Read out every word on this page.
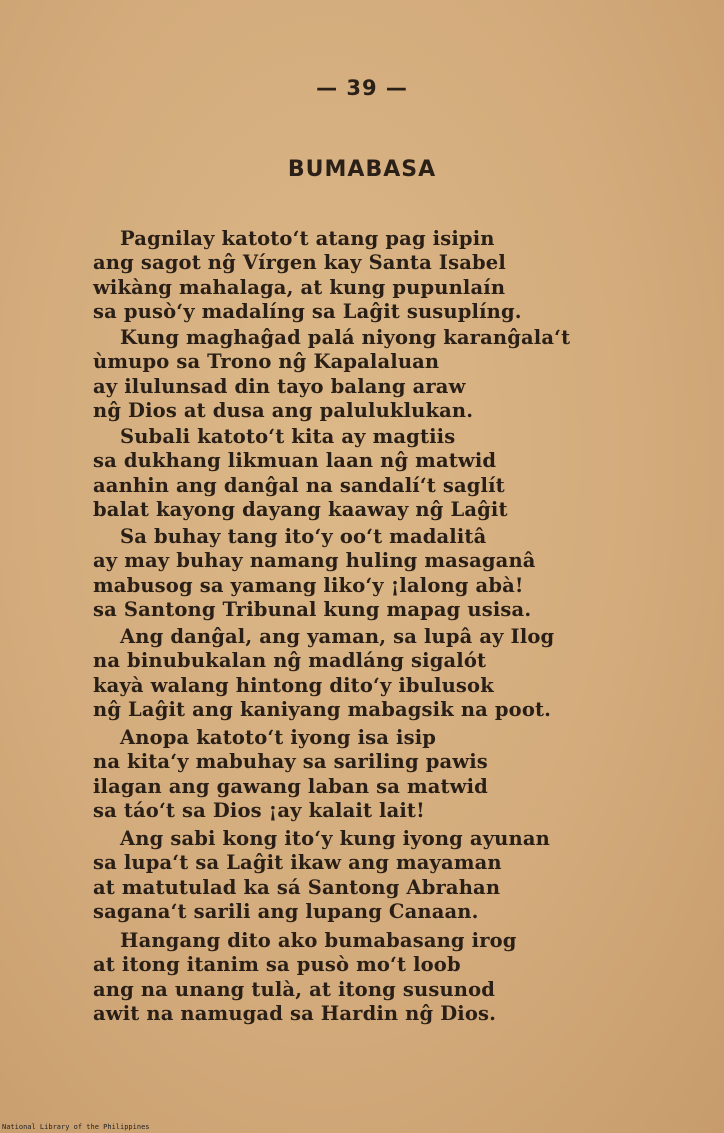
— 39 —
BUMABASA
Pagnilay katoto‘t atang pag isipin
ang sagot nĝ Vírgen kay Santa Isabel
wikàng mahalaga, at kung pupunlaín
sa pusò‘y madalíng sa Laĝit susuplíng.
Kung maghaĝad palá niyong karanĝala‘t
ùmupo sa Trono nĝ Kapalaluan
ay ilulunsad din tayo balang araw
nĝ Dios at dusa ang paluluklukan.
Subali katoto‘t kita ay magtiis
sa dukhang likmuan laan nĝ matwid
aanhin ang danĝal na sandalí‘t saglít
balat kayong dayang kaaway nĝ Laĝit
Sa buhay tang ito‘y oo‘t madalitâ
ay may buhay namang huling masaganâ
mabusog sa yamang liko‘y ¡lalong abà!
sa Santong Tribunal kung mapag usisa.
Ang danĝal, ang yaman, sa lupâ ay Ilog
na binubukalan nĝ madláng sigalót
kayà walang hintong dito‘y ibulusok
nĝ Laĝit ang kaniyang mabagsik na poot.
Anopa katoto‘t iyong isa isip
na kita‘y mabuhay sa sariling pawis
ilagan ang gawang laban sa matwid
sa táo‘t sa Dios ¡ay kalait lait!
Ang sabi kong ito‘y kung iyong ayunan
sa lupa‘t sa Laĝit ikaw ang mayaman
at matutulad ka sá Santong Abrahan
sagana‘t sarili ang lupang Canaan.
Hangang dito ako bumabasang irog
at itong itanim sa pusò mo‘t loob
ang na unang tulà, at itong susunod
awit na namugad sa Hardin nĝ Dios.
National Library of the Philippines
